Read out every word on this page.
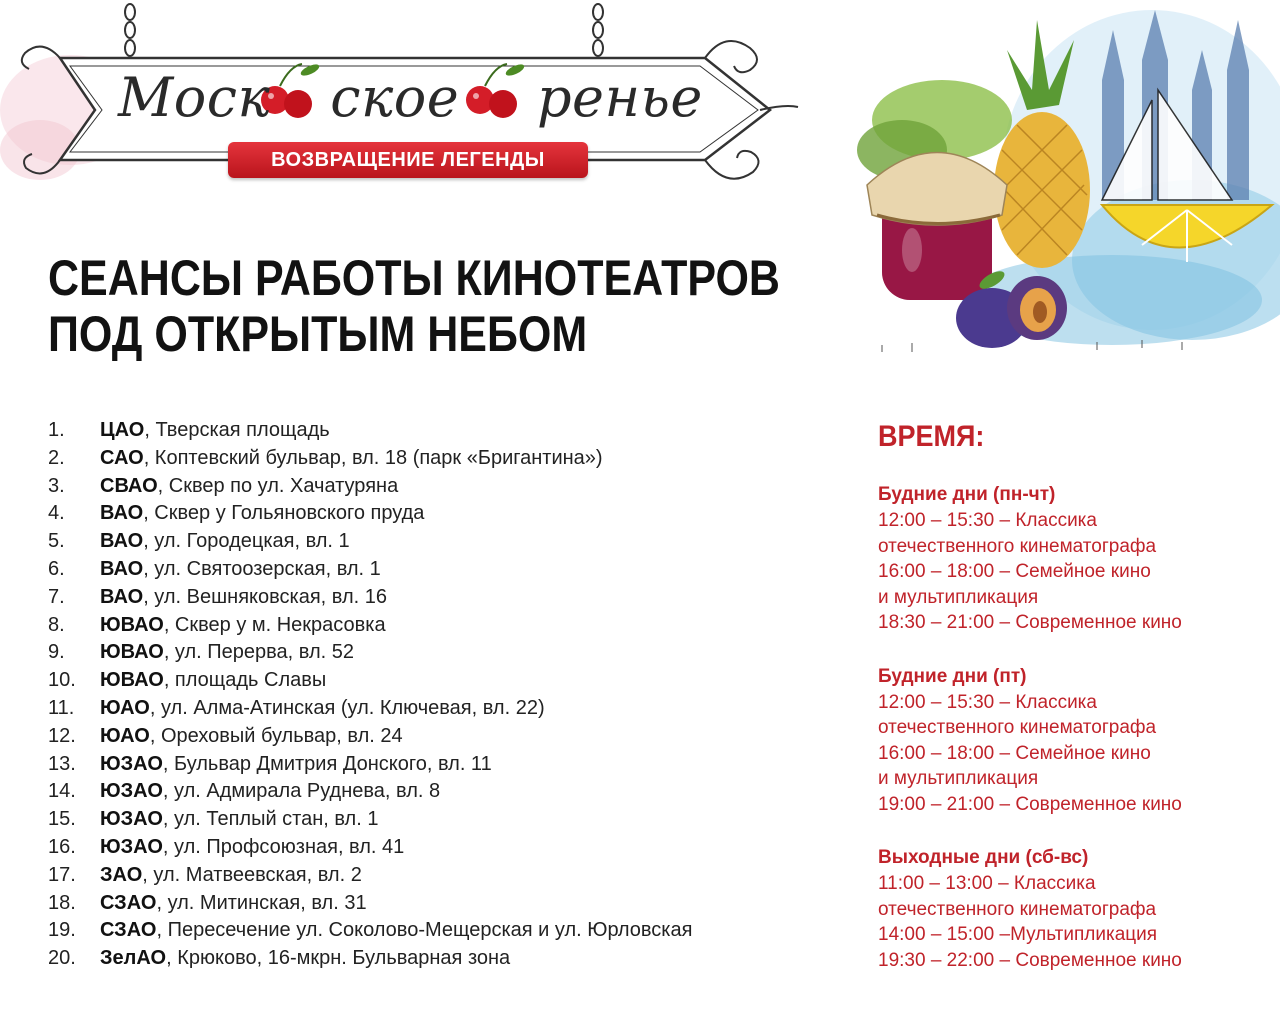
Моск ское ренье
ВОЗВРАЩЕНИЕ ЛЕГЕНДЫ
СЕАНСЫ РАБОТЫ КИНОТЕАТРОВ
ПОД ОТКРЫТЫМ НЕБОМ
1. ЦАО, Тверская площадь
2. САО, Коптевский бульвар, вл. 18 (парк «Бригантина»)
3. СВАО, Сквер по ул. Хачатуряна
4. ВАО, Сквер у Гольяновского пруда
5. ВАО, ул. Городецкая, вл. 1
6. ВАО, ул. Святоозерская, вл. 1
7. ВАО, ул. Вешняковская, вл. 16
8. ЮВАО, Сквер у м. Некрасовка
9. ЮВАО, ул. Перерва, вл. 52
10. ЮВАО, площадь Славы
11. ЮАО, ул. Алма-Атинская (ул. Ключевая, вл. 22)
12. ЮАО, Ореховый бульвар, вл. 24
13. ЮЗАО, Бульвар Дмитрия Донского, вл. 11
14. ЮЗАО, ул. Адмирала Руднева, вл. 8
15. ЮЗАО, ул. Теплый стан, вл. 1
16. ЮЗАО, ул. Профсоюзная, вл. 41
17. ЗАО, ул. Матвеевская, вл. 2
18. СЗАО, ул. Митинская, вл. 31
19. СЗАО, Пересечение ул. Соколово-Мещерская и ул. Юрловская
20. ЗелАО, Крюково, 16-мкрн. Бульварная зона
ВРЕМЯ:
Будние дни (пн-чт)
12:00 – 15:30 – Классика
отечественного кинематографа
16:00 – 18:00 – Семейное кино
и мультипликация
18:30 – 21:00 – Современное кино
Будние дни (пт)
12:00 – 15:30 – Классика
отечественного кинематографа
16:00 – 18:00 – Семейное кино
и мультипликация
19:00 – 21:00 – Современное кино
Выходные дни (сб-вс)
11:00 – 13:00 – Классика
отечественного кинематографа
14:00 – 15:00 –Мультипликация
19:30 – 22:00 – Современное кино
